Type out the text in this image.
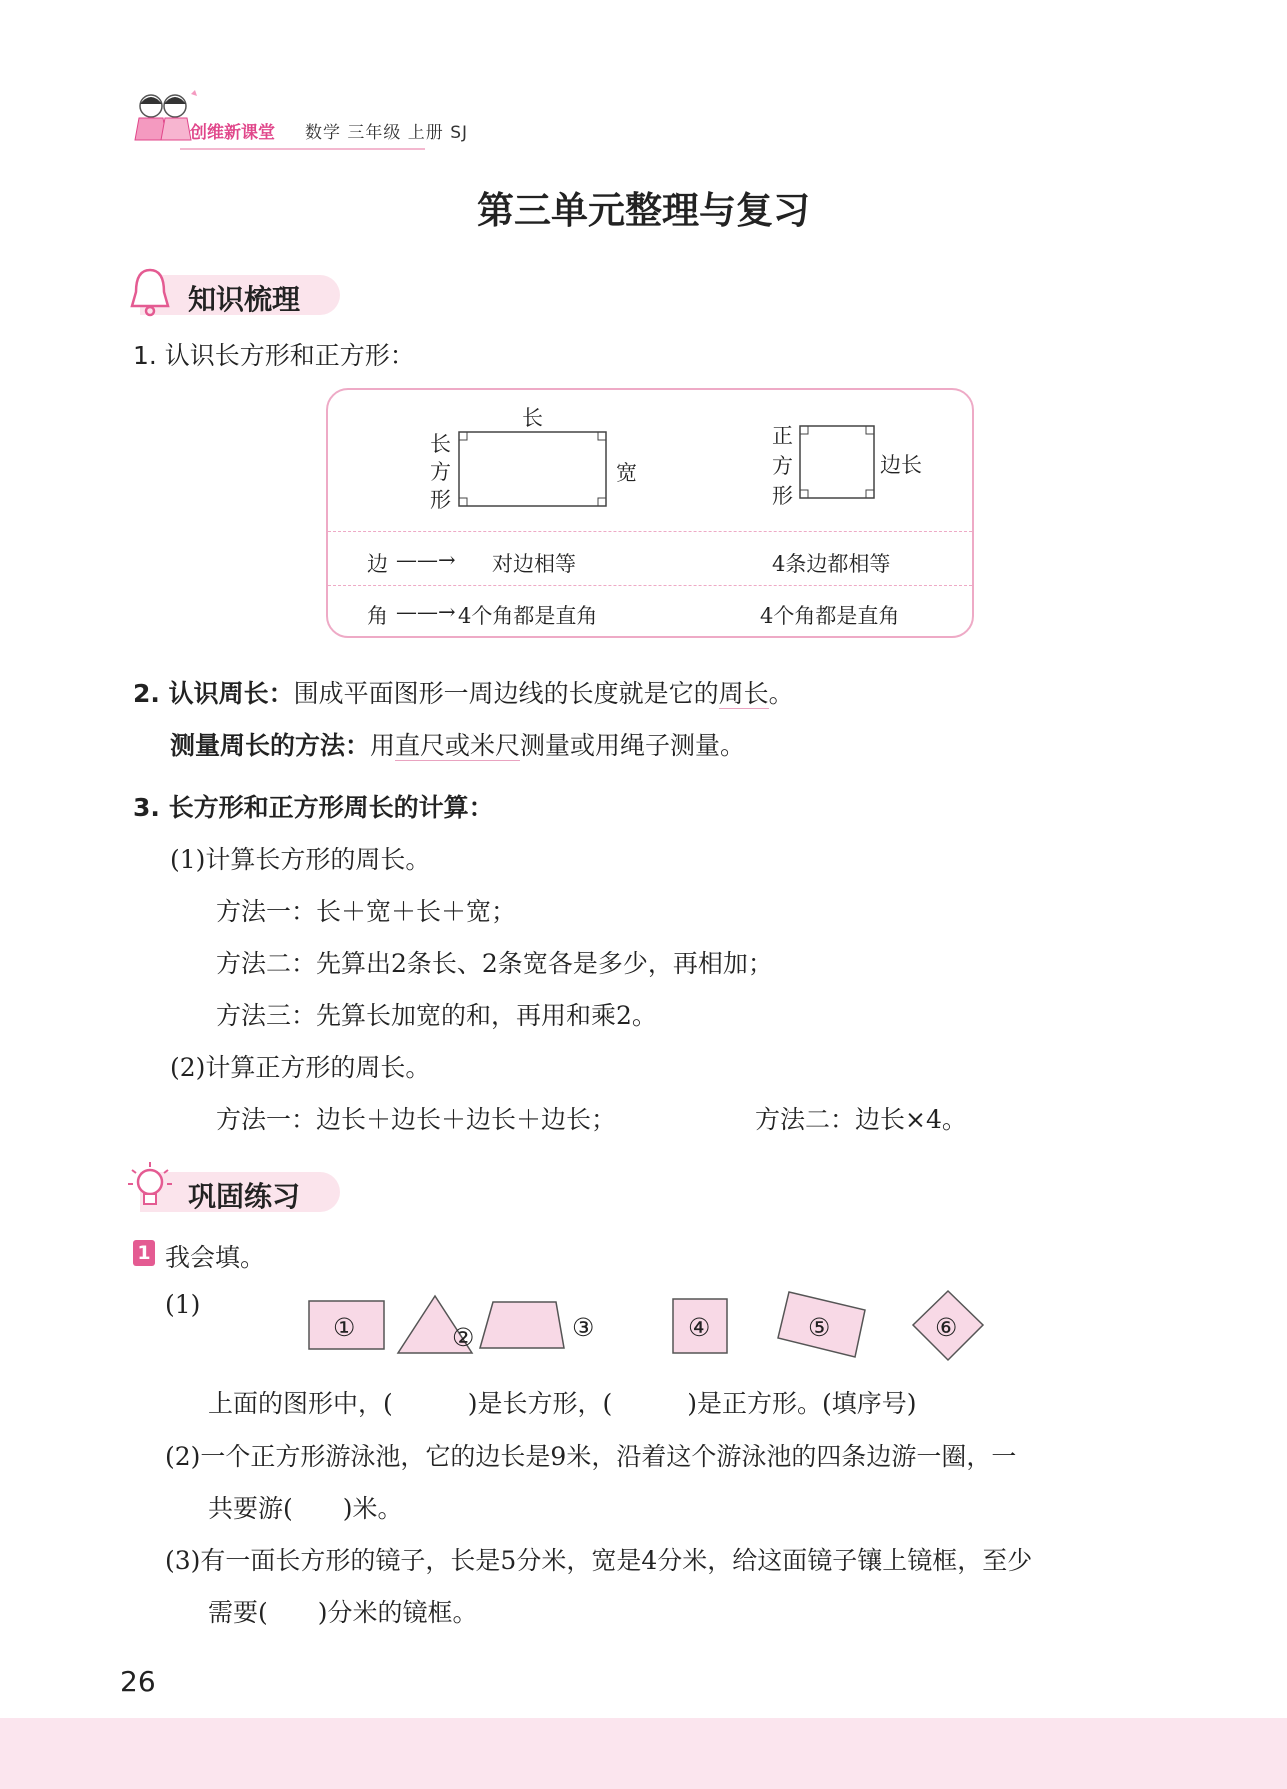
创维新课堂 数学 三年级 上册 SJ
第三单元整理与复习
知识梳理
1. 认识长方形和正方形：
长
长
方
形
宽
正
方
形
边长
边 ——→ 对边相等	4条边都相等
角 ——→ 4个角都是直角	4个角都是直角
2. 认识周长：围成平面图形一周边线的长度就是它的周长。
测量周长的方法：用直尺或米尺测量或用绳子测量。
3. 长方形和正方形周长的计算：
(1)计算长方形的周长。
方法一：长＋宽＋长＋宽；
方法二：先算出2条长、2条宽各是多少，再相加；
方法三：先算长加宽的和，再用和乘2。
(2)计算正方形的周长。
方法一：边长＋边长＋边长＋边长；	方法二：边长×4。
巩固练习
1 我会填。
(1)
①	②	③	④	⑤	⑥
上面的图形中，(　　　)是长方形，(　　　)是正方形。(填序号)
(2)一个正方形游泳池，它的边长是9米，沿着这个游泳池的四条边游一圈，一
共要游(　　)米。
(3)有一面长方形的镜子，长是5分米，宽是4分米，给这面镜子镶上镜框，至少
需要(　　)分米的镜框。
26
